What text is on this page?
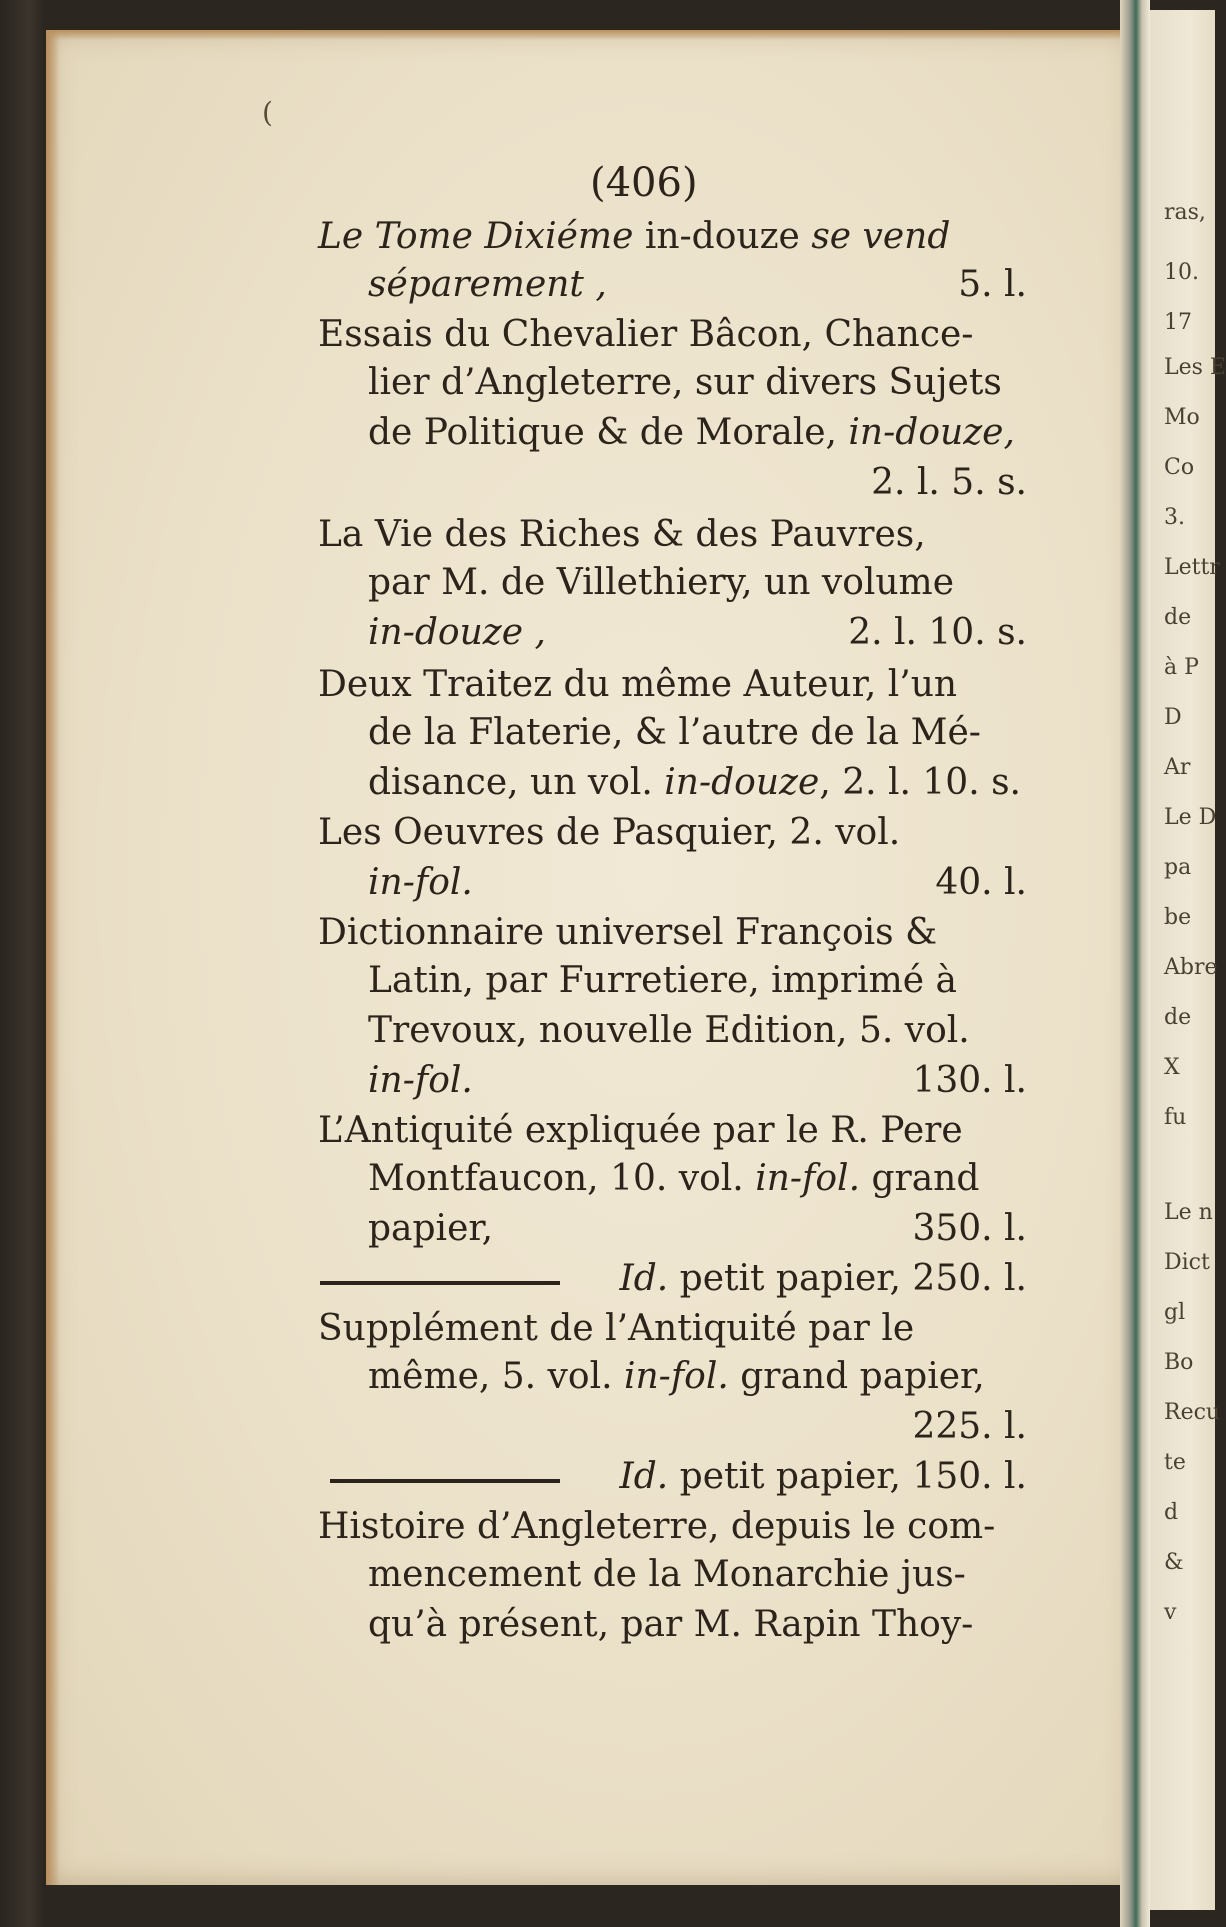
ras,
10.
17
Les E
Mo
Co
3.
Lettr
de
à P
D
Ar
Le D
pa
be
Abre
de
X
fu
Le n
Dict
gl
Bo
Recu
te
d
&
v
(
(406)
Le Tome Dixiéme in-douze se vend
séparement ,	5. l.
Essais du Chevalier Bâcon, Chance-
lier d’Angleterre, sur divers Sujets
de Politique & de Morale, in-douze,
2. l. 5. s.
La Vie des Riches & des Pauvres,
par M. de Villethiery, un volume
in-douze ,	2. l. 10. s.
Deux Traitez du même Auteur, l’un
de la Flaterie, & l’autre de la Mé-
disance, un vol. in-douze, 2. l. 10. s.
Les Oeuvres de Pasquier, 2. vol.
in-fol.	40. l.
Dictionnaire universel François &
Latin, par Furretiere, imprimé à
Trevoux, nouvelle Edition, 5. vol.
in-fol.	130. l.
L’Antiquité expliquée par le R. Pere
Montfaucon, 10. vol. in-fol. grand
papier,	350. l.
Id. petit papier, 250. l.
Supplément de l’Antiquité par le
même, 5. vol. in-fol. grand papier,
225. l.
Id. petit papier, 150. l.
Histoire d’Angleterre, depuis le com-
mencement de la Monarchie jus-
qu’à présent, par M. Rapin Thoy-
